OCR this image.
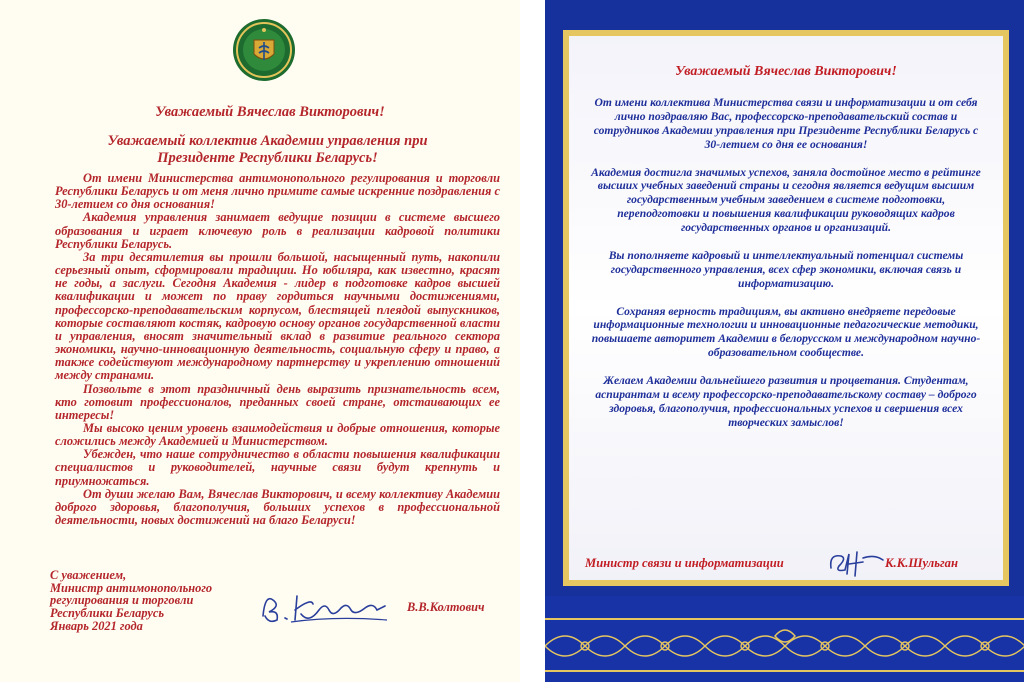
Уважаемый Вячеслав Викторович!
Уважаемый коллектив Академии управления при Президенте Республики Беларусь!

От имени Министерства антимонопольного регулирования и торговли Республики Беларусь и от меня лично примите самые искренние поздравления с 30-летием со дня основания!

Академия управления занимает ведущие позиции в системе высшего образования и играет ключевую роль в реализации кадровой политики Республики Беларусь.

За три десятилетия вы прошли большой, насыщенный путь, накопили серьезный опыт, сформировали традиции. Но юбиляра, как известно, красят не годы, а заслуги. Сегодня Академия - лидер в подготовке кадров высшей квалификации и может по праву гордиться научными достижениями, профессорско-преподавательским корпусом, блестящей плеядой выпускников, которые составляют костяк, кадровую основу органов государственной власти и управления, вносят значительный вклад в развитие реального сектора экономики, научно-инновационную деятельность, социальную сферу и право, а также содействуют международному партнерству и укреплению отношений между странами.

Позвольте в этот праздничный день выразить признательность всем, кто готовит профессионалов, преданных своей стране, отстаивающих ее интересы!

Мы высоко ценим уровень взаимодействия и добрые отношения, которые сложились между Академией и Министерством.

Убежден, что наше сотрудничество в области повышения квалификации специалистов и руководителей, научные связи будут крепнуть и приумножаться.

От души желаю Вам, Вячеслав Викторович, и всему коллективу Академии доброго здоровья, благополучия, больших успехов в профессиональной деятельности, новых достижений на благо Беларуси!

С уважением,
Министр антимонопольного
регулирования и торговли
Республики Беларусь
Январь 2021 года
В.В.Колтович
Уважаемый Вячеслав Викторович!

От имени коллектива Министерства связи и информатизации и от себя лично поздравляю Вас, профессорско-преподавательский состав и сотрудников Академии управления при Президенте Республики Беларусь с 30-летием со дня ее основания!

Академия достигла значимых успехов, заняла достойное место в рейтинге высших учебных заведений страны и сегодня является ведущим высшим государственным учебным заведением в системе подготовки, переподготовки и повышения квалификации руководящих кадров государственных органов и организаций.

Вы пополняете кадровый и интеллектуальный потенциал системы государственного управления, всех сфер экономики, включая связь и информатизацию.

Сохраняя верность традициям, вы активно внедряете передовые информационные технологии и инновационные педагогические методики, повышаете авторитет Академии в белорусском и международном научно-образовательном сообществе.

Желаем Академии дальнейшего развития и процветания. Студентам, аспирантам и всему профессорско-преподавательскому составу – доброго здоровья, благополучия, профессиональных успехов и свершения всех творческих замыслов!

Министр связи и информатизации	К.К.Шульган
